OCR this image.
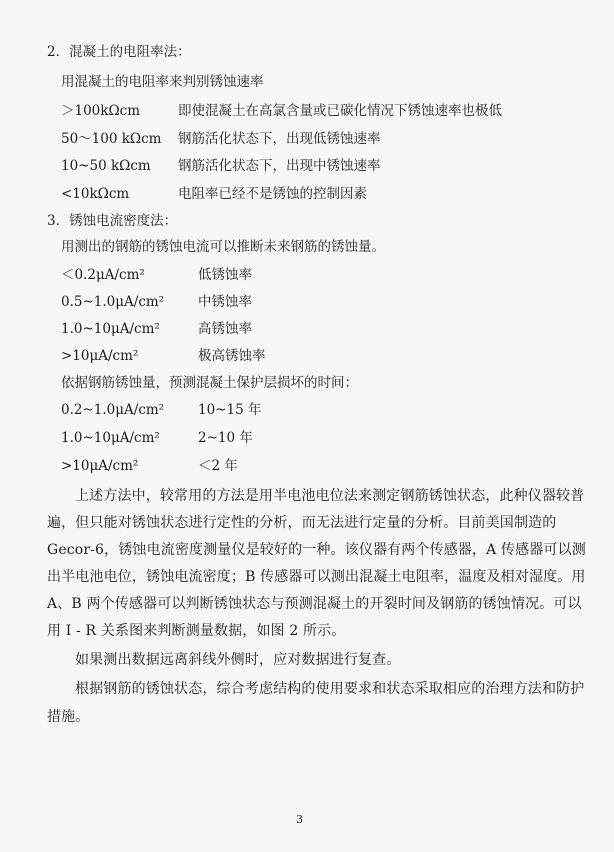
2．混凝土的电阻率法：
用混凝土的电阻率来判别锈蚀速率
＞100kΩcm	即使混凝土在高氯含量或已碳化情况下锈蚀速率也极低
50～100 kΩcm 钢筋活化状态下，出现低锈蚀速率
10~50 kΩcm 钢筋活化状态下，出现中锈蚀速率
<10kΩcm	电阻率已经不是锈蚀的控制因素
3．锈蚀电流密度法：
用测出的钢筋的锈蚀电流可以推断未来钢筋的锈蚀量。
＜0.2μA/cm²	低锈蚀率
0.5~1.0μA/cm²	中锈蚀率
1.0~10μA/cm²	高锈蚀率
>10μA/cm²	极高锈蚀率
依据钢筋锈蚀量，预测混凝土保护层损坏的时间：
0.2~1.0μA/cm²	10~15 年
1.0~10μA/cm²	2~10 年
>10μA/cm²	＜2 年
上述方法中，较常用的方法是用半电池电位法来测定钢筋锈蚀状态，此种仪器较普
遍，但只能对锈蚀状态进行定性的分析，而无法进行定量的分析。目前美国制造的
Gecor-6，锈蚀电流密度测量仪是较好的一种。该仪器有两个传感器，A 传感器可以测
出半电池电位，锈蚀电流密度；B 传感器可以测出混凝土电阻率，温度及相对湿度。用
A、B 两个传感器可以判断锈蚀状态与预测混凝土的开裂时间及钢筋的锈蚀情况。可以
用 I - R 关系图来判断测量数据，如图 2 所示。
如果测出数据远离斜线外侧时，应对数据进行复查。
根据钢筋的锈蚀状态，综合考虑结构的使用要求和状态采取相应的治理方法和防护
措施。
3
